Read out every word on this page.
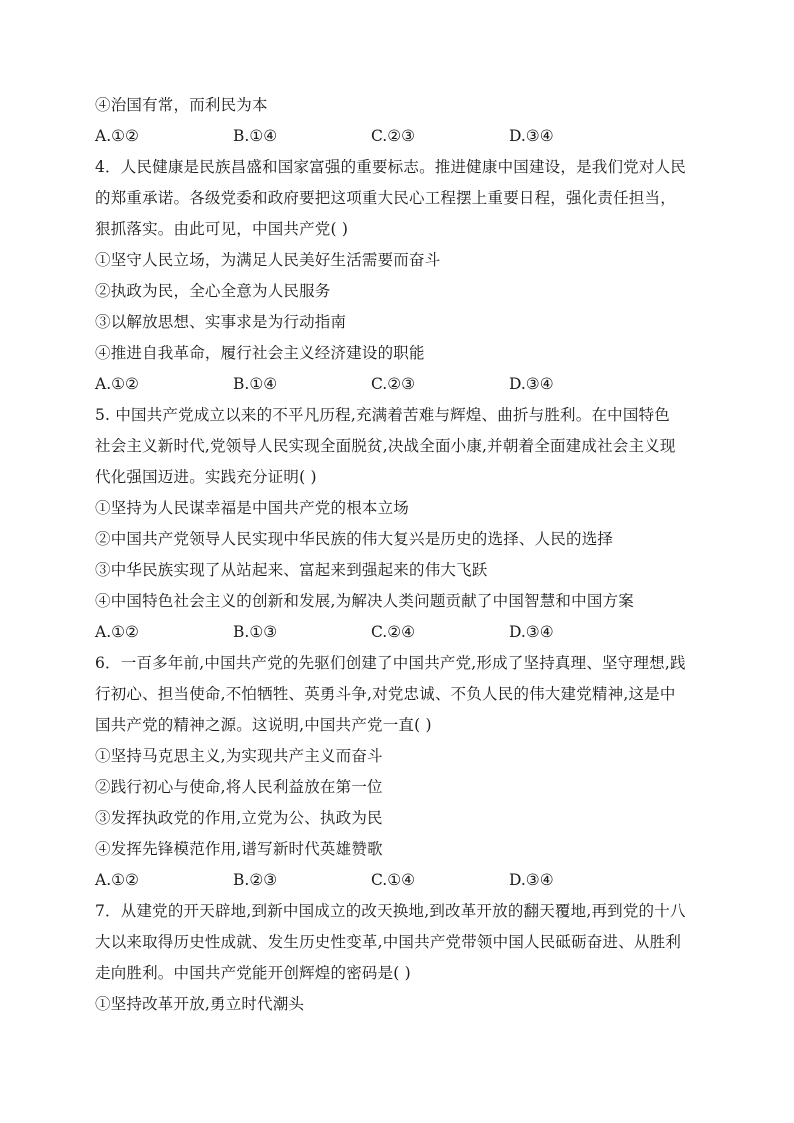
④治国有常，而利民为本
A.①②	B.①④	C.②③	D.③④
4．人民健康是民族昌盛和国家富强的重要标志。推进健康中国建设，是我们党对人民
的郑重承诺。各级党委和政府要把这项重大民心工程摆上重要日程，强化责任担当，
狠抓落实。由此可见，中国共产党( )
①坚守人民立场，为满足人民美好生活需要而奋斗
②执政为民，全心全意为人民服务
③以解放思想、实事求是为行动指南
④推进自我革命，履行社会主义经济建设的职能
A.①②	B.①④	C.②③	D.③④
5. 中国共产党成立以来的不平凡历程,充满着苦难与辉煌、曲折与胜利。在中国特色
社会主义新时代,党领导人民实现全面脱贫,决战全面小康,并朝着全面建成社会主义现
代化强国迈进。实践充分证明( )
①坚持为人民谋幸福是中国共产党的根本立场
②中国共产党领导人民实现中华民族的伟大复兴是历史的选择、人民的选择
③中华民族实现了从站起来、富起来到强起来的伟大飞跃
④中国特色社会主义的创新和发展,为解决人类问题贡献了中国智慧和中国方案
A.①②	B.①③	C.②④	D.③④
6．一百多年前,中国共产党的先驱们创建了中国共产党,形成了坚持真理、坚守理想,践
行初心、担当使命,不怕牺牲、英勇斗争,对党忠诚、不负人民的伟大建党精神,这是中
国共产党的精神之源。这说明,中国共产党一直( )
①坚持马克思主义,为实现共产主义而奋斗
②践行初心与使命,将人民利益放在第一位
③发挥执政党的作用,立党为公、执政为民
④发挥先锋模范作用,谱写新时代英雄赞歌
A.①②	B.②③	C.①④	D.③④
7．从建党的开天辟地,到新中国成立的改天换地,到改革开放的翻天覆地,再到党的十八
大以来取得历史性成就、发生历史性变革,中国共产党带领中国人民砥砺奋进、从胜利
走向胜利。中国共产党能开创辉煌的密码是( )
①坚持改革开放,勇立时代潮头
